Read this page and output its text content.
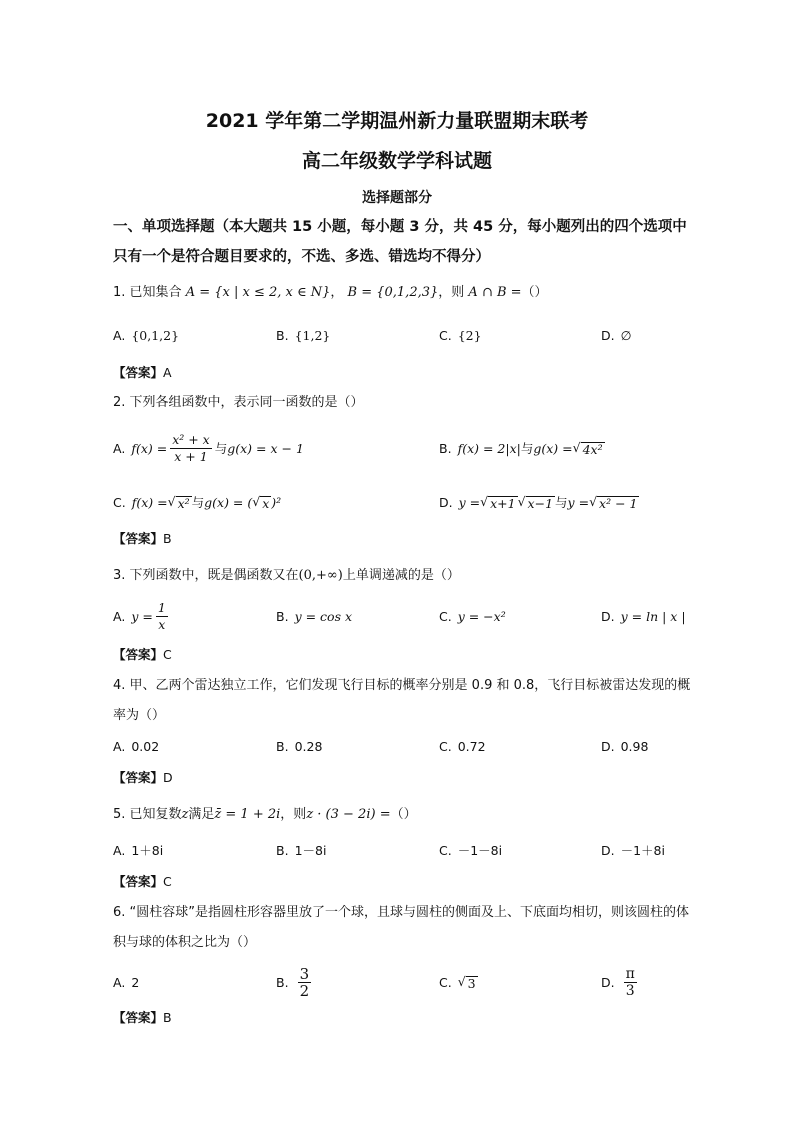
2021 学年第二学期温州新力量联盟期末联考
高二年级数学学科试题
选择题部分
一、单项选择题（本大题共 15 小题，每小题 3 分，共 45 分，每小题列出的四个选项中只有一个是符合题目要求的，不选、多选、错选均不得分）
1. 已知集合 A = {x | x ≤ 2, x ∈ N}， B = {0,1,2,3}，则 A ∩ B =（）
A. {0,1,2}	B. {1,2}	C. {2}	D. ∅
【答案】A
2. 下列各组函数中，表示同一函数的是（）
A. $f(x) = \frac{\text{x² + x}}{x + 1}$ 与 g(x) = x − 1	B. f(x) = 2|x| 与 g(x) = √ 4x²
C. f(x) = √ x² 与 g(x) = ( √ x )²	D. y = √ x+1 √ x−1 与 y = √ x² − 1
【答案】B
3. 下列函数中，既是偶函数又在(0,+∞)上单调递减的是（）
A. $y = \frac{1}{x}$	B. y = cos x	C. y = −x²	D. y = ln | x |
【答案】C
4. 甲、乙两个雷达独立工作，它们发现飞行目标的概率分别是 0.9 和 0.8，飞行目标被雷达发现的概率为（）
A. 0.02	B. 0.28	C. 0.72	D. 0.98
【答案】D
5. 已知复数z满足z̄ = 1 + 2i，则z · (3 − 2i) =（）
A. 1＋8i	B. 1－8i	C. －1－8i	D. －1＋8i
【答案】C
6. “圆柱容球”是指圆柱形容器里放了一个球，且球与圆柱的侧面及上、下底面均相切，则该圆柱的体积与球的体积之比为（）
A. 2	B. $\frac{3}{2}$	C. √ 3	D. $\frac{\pi}{3}$
【答案】B
